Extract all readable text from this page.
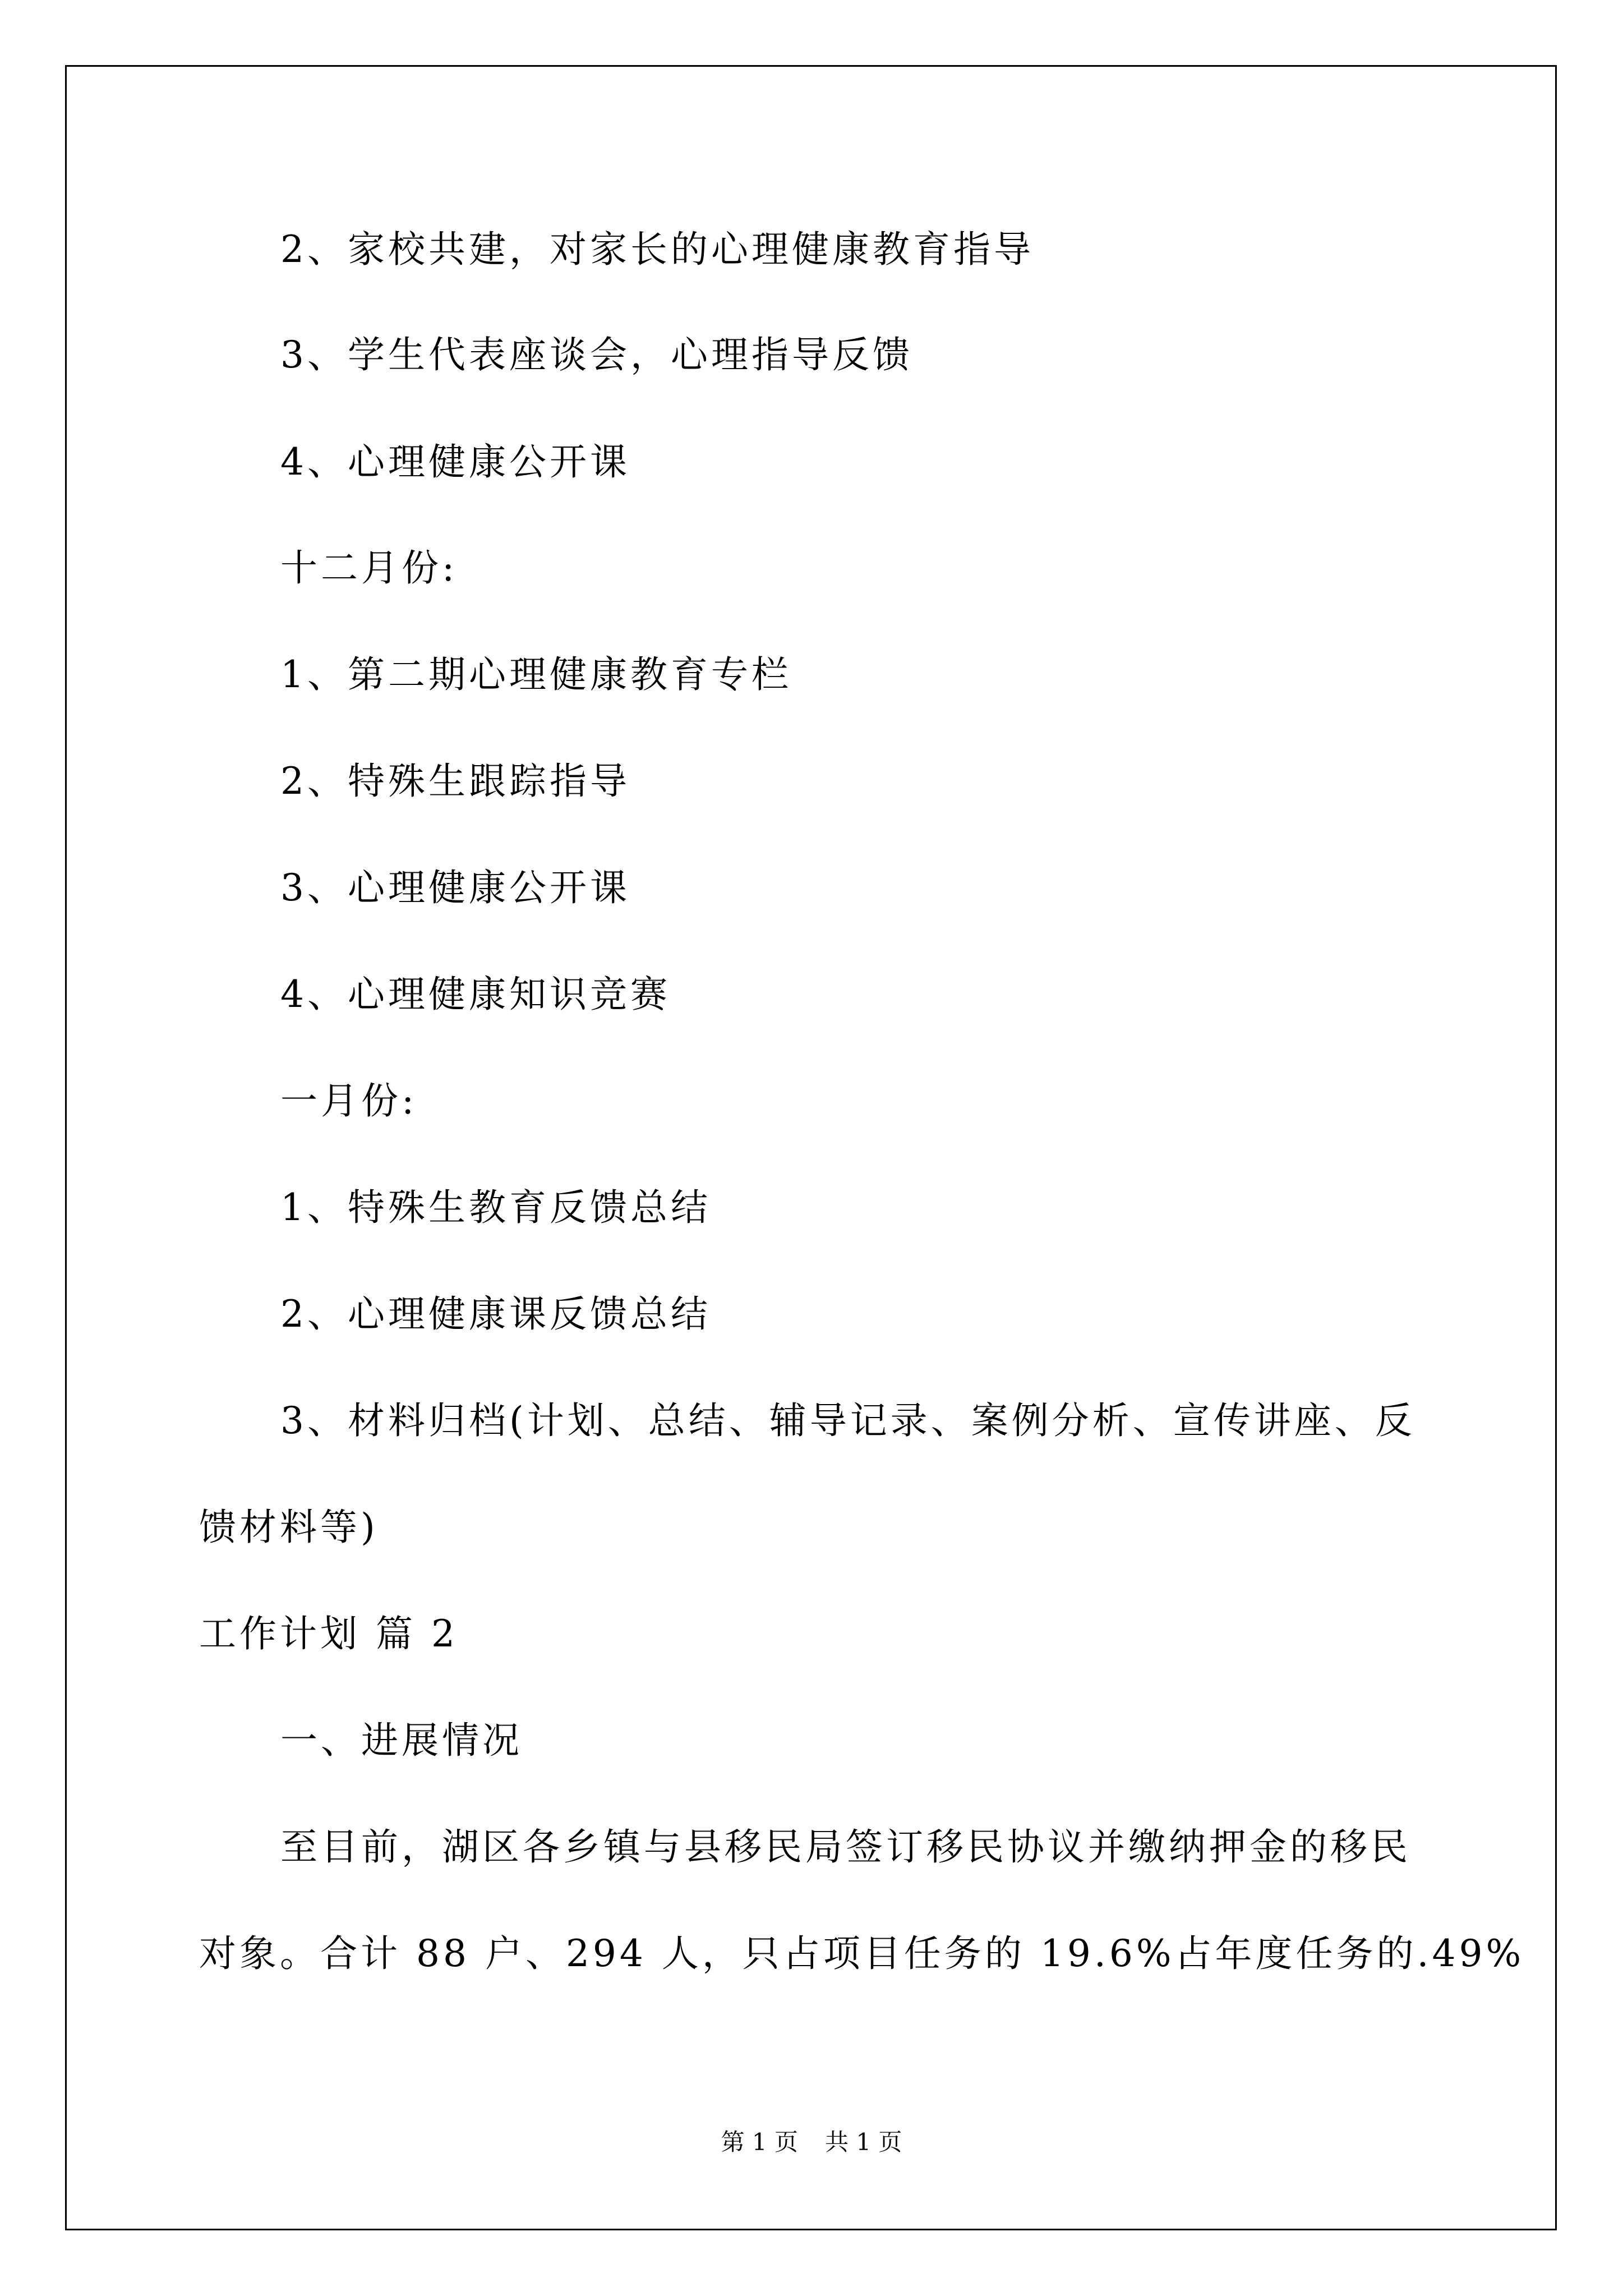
2、家校共建，对家长的心理健康教育指导
3、学生代表座谈会，心理指导反馈
4、心理健康公开课
十二月份:
1、第二期心理健康教育专栏
2、特殊生跟踪指导
3、心理健康公开课
4、心理健康知识竞赛
一月份:
1、特殊生教育反馈总结
2、心理健康课反馈总结
3、材料归档(计划、总结、辅导记录、案例分析、宣传讲座、反
馈材料等)
工作计划 篇 2
一、进展情况
至目前，湖区各乡镇与县移民局签订移民协议并缴纳押金的移民
对象。合计 88 户、294 人，只占项目任务的 19.6%占年度任务的.49%
第 1 页 共 1 页
